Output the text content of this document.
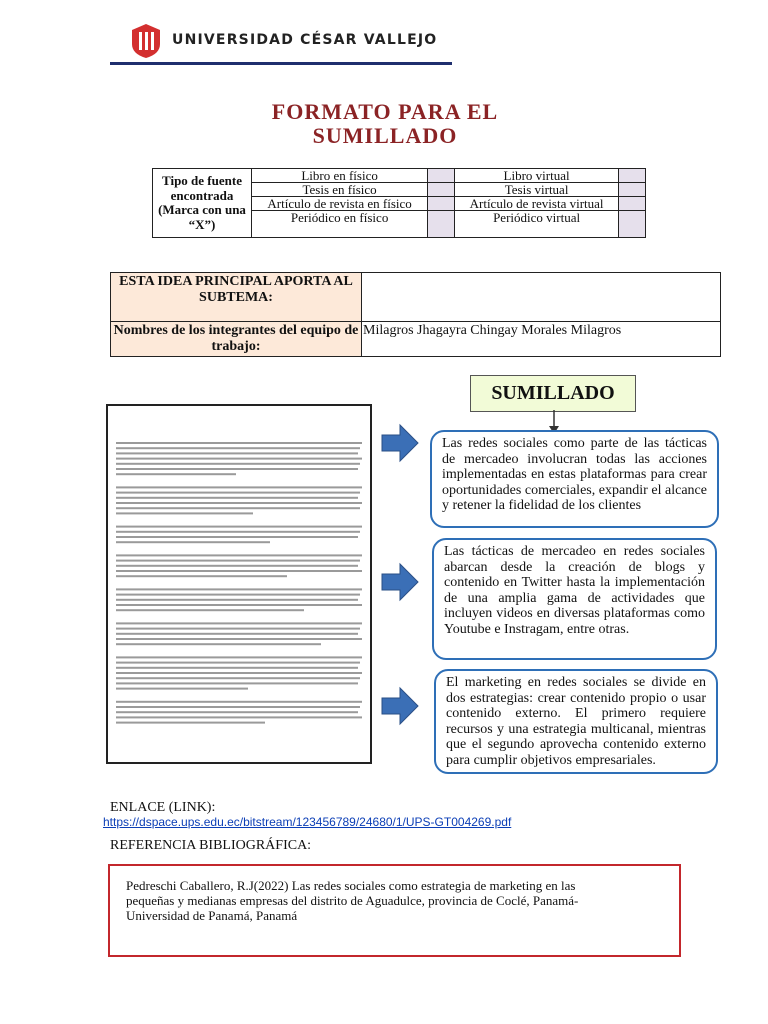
UNIVERSIDAD CÉSAR VALLEJO
FORMATO PARA EL SUMILLADO
Tipo de fuente encontrada (Marca con una “X”)	Libro en físico		Libro virtual	
	Tesis en físico		Tesis virtual	
	Artículo de revista en físico		Artículo de revista virtual	
	Periódico en físico		Periódico virtual	
ESTA IDEA PRINCIPAL APORTA AL SUBTEMA:	
Nombres de los integrantes del equipo de trabajo:	Milagros Jhagayra Chingay Morales Milagros
SUMILLADO
Las redes sociales como parte de las tácticas de mercadeo involucran todas las acciones implementadas en estas plataformas para crear oportunidades comerciales, expandir el alcance y retener la fidelidad de los clientes
Las tácticas de mercadeo en redes sociales abarcan desde la creación de blogs y contenido en Twitter hasta la implementación de una amplia gama de actividades que incluyen videos en diversas plataformas como Youtube e Instragam, entre otras.
El marketing en redes sociales se divide en dos estrategias: crear contenido propio o usar contenido externo. El primero requiere recursos y una estrategia multicanal, mientras que el segundo aprovecha contenido externo para cumplir objetivos empresariales.
ENLACE (LINK):
https://dspace.ups.edu.ec/bitstream/123456789/24680/1/UPS-GT004269.pdf
REFERENCIA BIBLIOGRÁFICA:
Pedreschi Caballero, R.J(2022) Las redes sociales como estrategia de marketing en las pequeñas y medianas empresas del distrito de Aguadulce, provincia de Coclé, Panamá-Universidad de Panamá, Panamá
